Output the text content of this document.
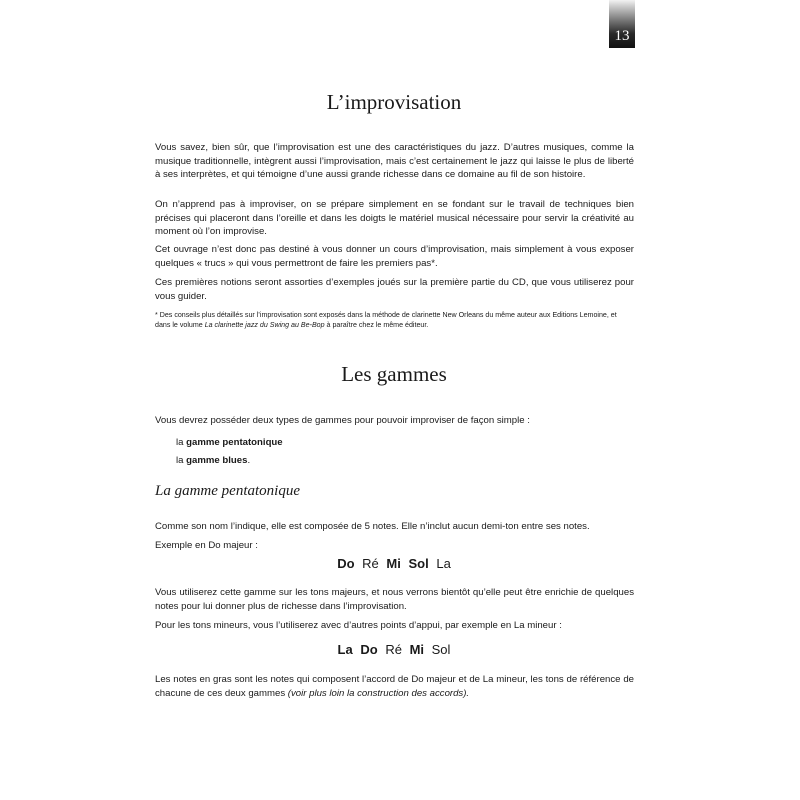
13
L’improvisation

Vous savez, bien sûr, que l’improvisation est une des caractéristiques du jazz. D’autres musiques, comme la musique traditionnelle, intègrent aussi l’improvisation, mais c’est certainement le jazz qui laisse le plus de liberté à ses interprètes, et qui témoigne d’une aussi grande richesse dans ce domaine au fil de son histoire.

On n’apprend pas à improviser, on se prépare simplement en se fondant sur le travail de techniques bien précises qui placeront dans l’oreille et dans les doigts le matériel musical nécessaire pour servir la créativité au moment où l’on improvise.

Cet ouvrage n’est donc pas destiné à vous donner un cours d’improvisation, mais simplement à vous exposer quelques « trucs » qui vous permettront de faire les premiers pas*.

Ces premières notions seront assorties d’exemples joués sur la première partie du CD, que vous utiliserez pour vous guider.

* Des conseils plus détaillés sur l’improvisation sont exposés dans la méthode de clarinette New Orleans du même auteur aux Editions Lemoine, et dans le volume La clarinette jazz du Swing au Be-Bop à paraître chez le même éditeur.

Les gammes

Vous devrez posséder deux types de gammes pour pouvoir improviser de façon simple :

la gamme pentatonique
la gamme blues.
La gamme pentatonique

Comme son nom l’indique, elle est composée de 5 notes. Elle n’inclut aucun demi-ton entre ses notes.

Exemple en Do majeur :

Do Ré Mi Sol La

Vous utiliserez cette gamme sur les tons majeurs, et nous verrons bientôt qu’elle peut être enrichie de quelques notes pour lui donner plus de richesse dans l’improvisation.

Pour les tons mineurs, vous l’utiliserez avec d’autres points d’appui, par exemple en La mineur :

La Do Ré Mi Sol

Les notes en gras sont les notes qui composent l’accord de Do majeur et de La mineur, les tons de référence de chacune de ces deux gammes (voir plus loin la construction des accords).
